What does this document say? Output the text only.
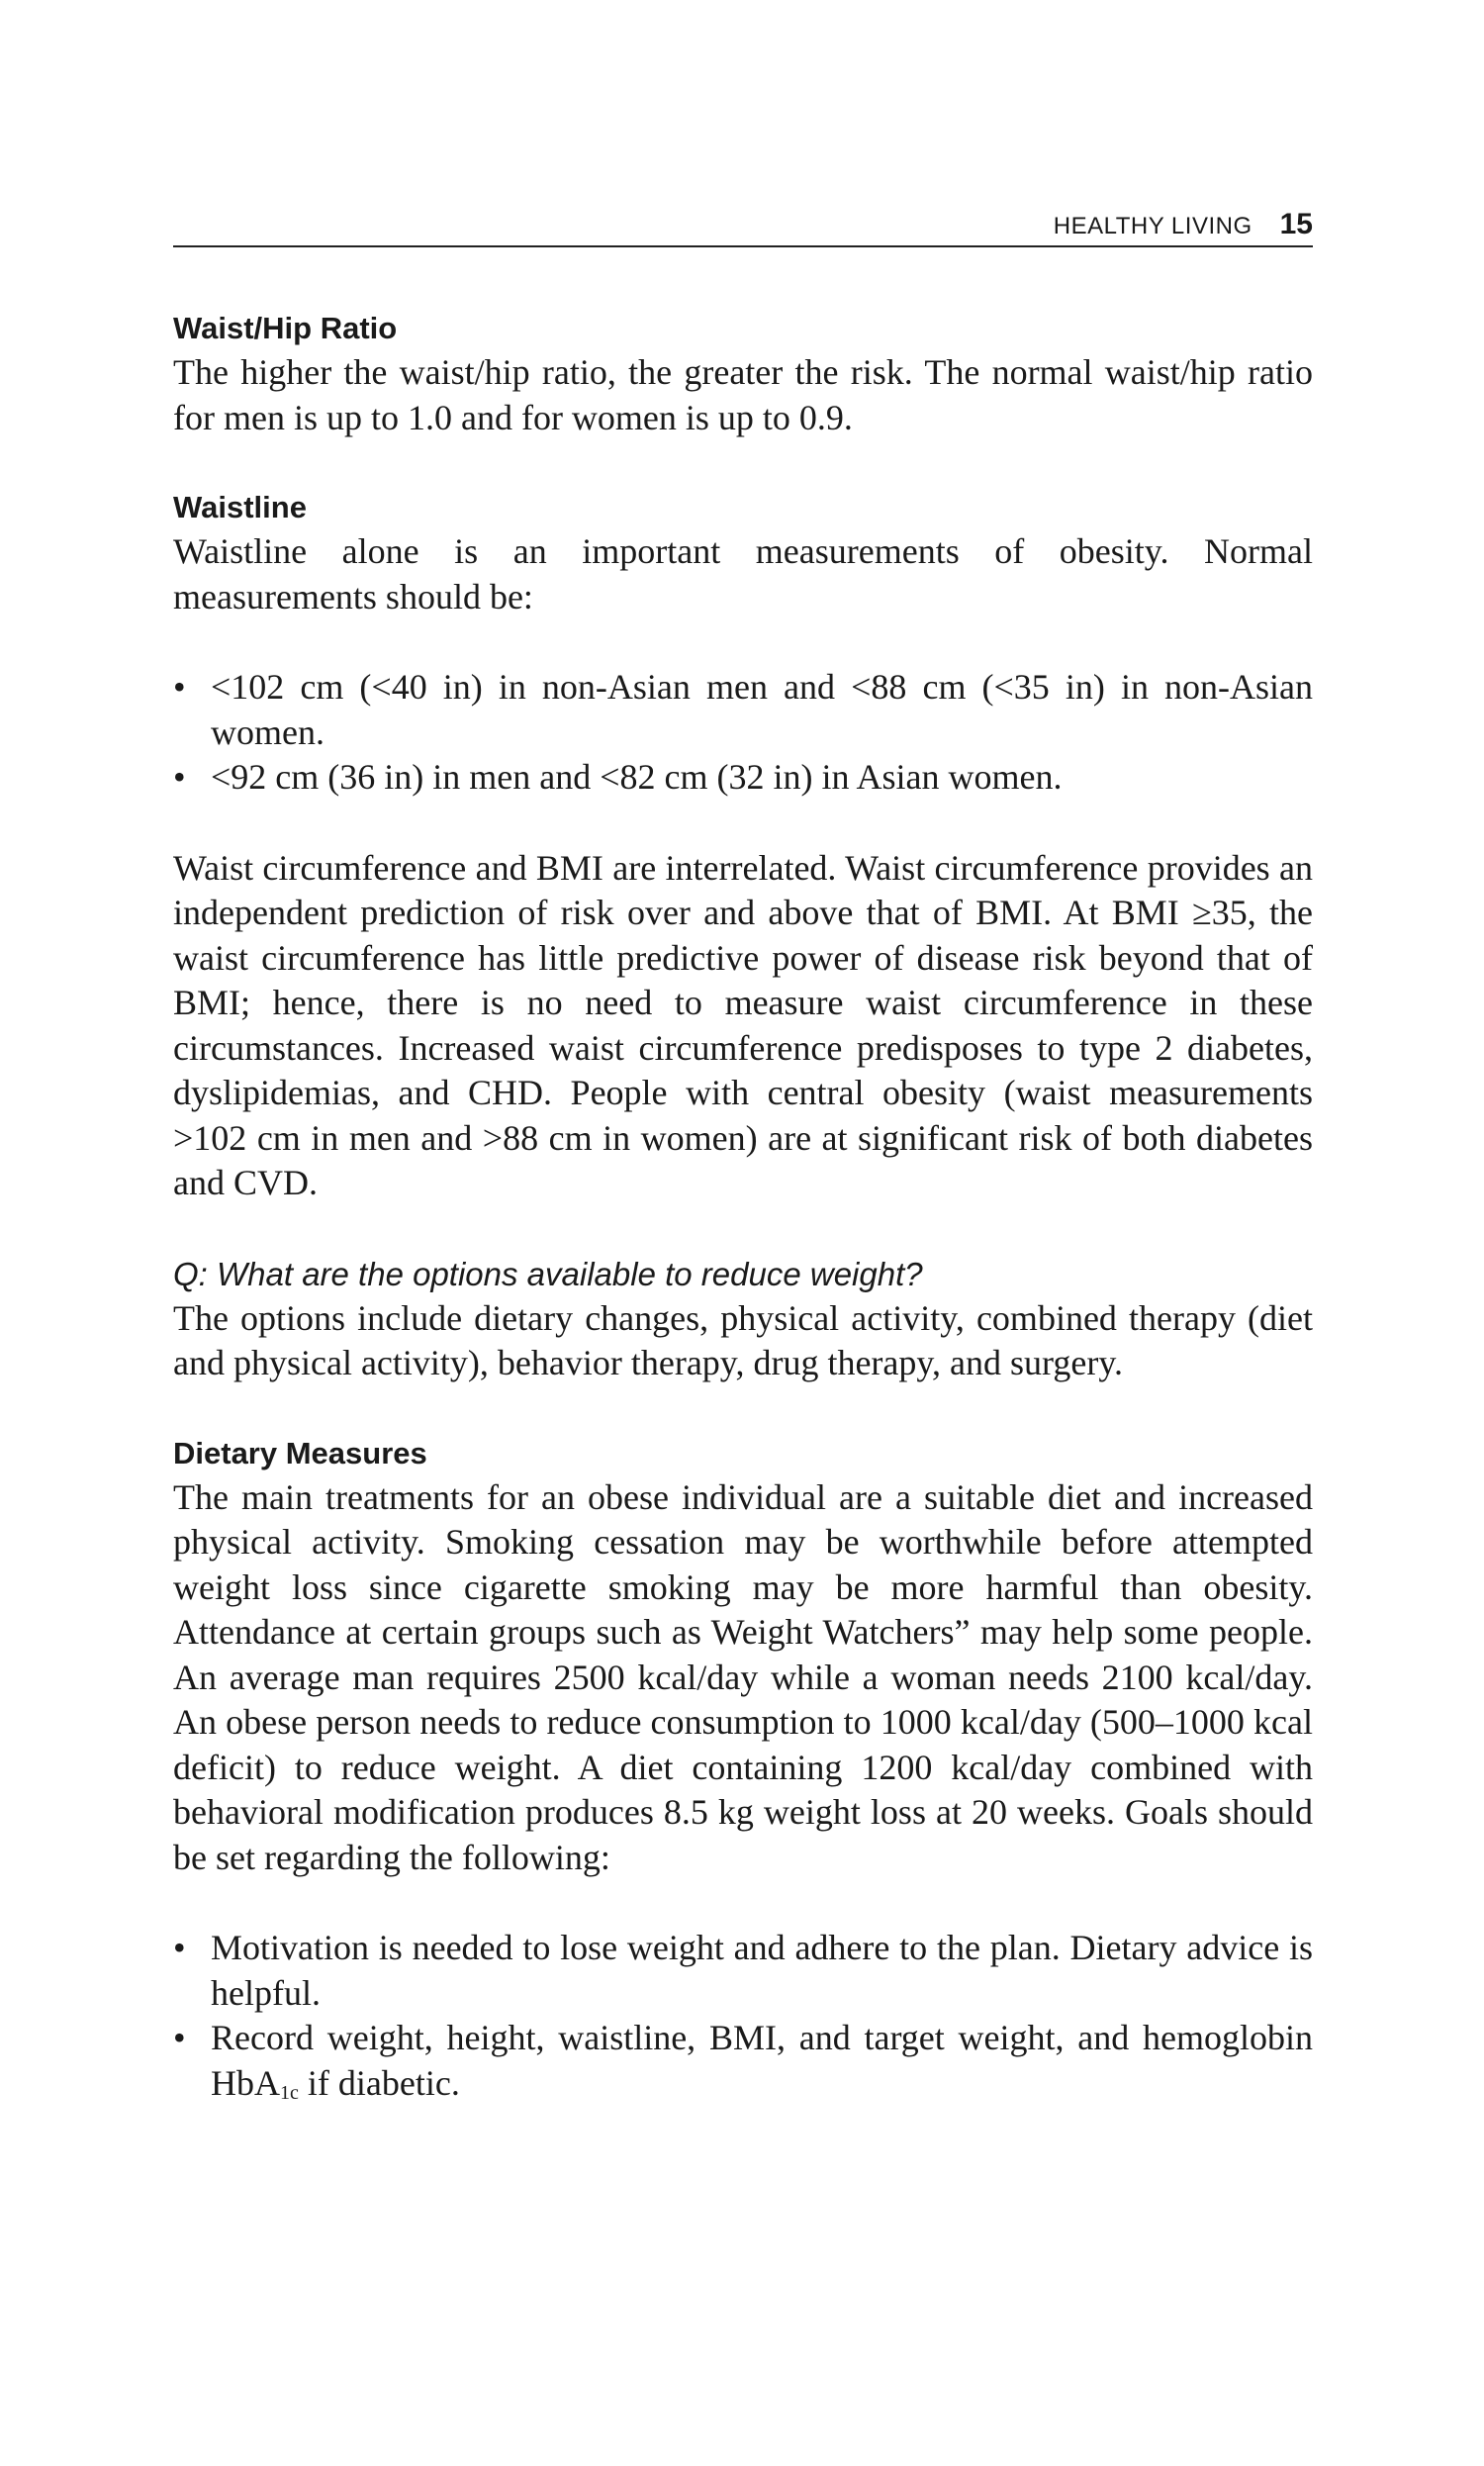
HEALTHY LIVING 15
Waist/Hip Ratio

The higher the waist/hip ratio, the greater the risk. The normal waist/hip ratio for men is up to 1.0 and for women is up to 0.9.

Waistline

Waistline alone is an important measurements of obesity. Normal measurements should be:

• <102 cm (<40 in) in non-Asian men and <88 cm (<35 in) in non-Asian women.
• <92 cm (36 in) in men and <82 cm (32 in) in Asian women.

Waist circumference and BMI are interrelated. Waist circumference provides an independent prediction of risk over and above that of BMI. At BMI ≥35, the waist circumference has little predictive power of disease risk beyond that of BMI; hence, there is no need to measure waist circumference in these circumstances. Increased waist circumference predisposes to type 2 diabetes, dyslipidemias, and CHD. People with central obesity (waist measurements >102 cm in men and >88 cm in women) are at significant risk of both diabetes and CVD.

Q: What are the options available to reduce weight?

The options include dietary changes, physical activity, combined therapy (diet and physical activity), behavior therapy, drug therapy, and surgery.

Dietary Measures

The main treatments for an obese individual are a suitable diet and increased physical activity. Smoking cessation may be worthwhile before attempted weight loss since cigarette smoking may be more harmful than obesity. Attendance at certain groups such as Weight Watchers” may help some people. An average man requires 2500 kcal/day while a woman needs 2100 kcal/day. An obese person needs to reduce consumption to 1000 kcal/day (500–1000 kcal deficit) to reduce weight. A diet containing 1200 kcal/day combined with behavioral modification produces 8.5 kg weight loss at 20 weeks. Goals should be set regarding the following:

• Motivation is needed to lose weight and adhere to the plan. Dietary advice is helpful.
• Record weight, height, waistline, BMI, and target weight, and hemoglobin HbA$_{1c}$ if diabetic.
